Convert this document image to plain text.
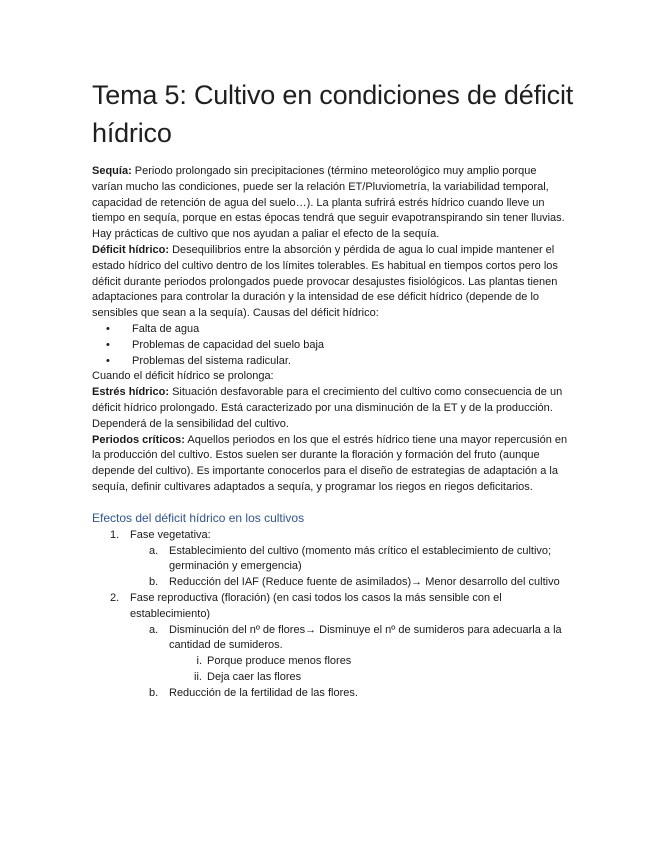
Tema 5: Cultivo en condiciones de déficit hídrico

Sequía: Periodo prolongado sin precipitaciones (término meteorológico muy amplio porque varían mucho las condiciones, puede ser la relación ET/Pluviometría, la variabilidad temporal, capacidad de retención de agua del suelo…). La planta sufrirá estrés hídrico cuando lleve un tiempo en sequía, porque en estas épocas tendrá que seguir evapotranspirando sin tener lluvias. Hay prácticas de cultivo que nos ayudan a paliar el efecto de la sequía.

Déficit hídrico: Desequilibrios entre la absorción y pérdida de agua lo cual impide mantener el estado hídrico del cultivo dentro de los límites tolerables. Es habitual en tiempos cortos pero los déficit durante periodos prolongados puede provocar desajustes fisiológicos. Las plantas tienen adaptaciones para controlar la duración y la intensidad de ese déficit hídrico (depende de lo sensibles que sean a la sequía). Causas del déficit hídrico:

• Falta de agua
• Problemas de capacidad del suelo baja
• Problemas del sistema radicular.

Cuando el déficit hídrico se prolonga:

Estrés hídrico: Situación desfavorable para el crecimiento del cultivo como consecuencia de un déficit hídrico prolongado. Está caracterizado por una disminución de la ET y de la producción. Dependerá de la sensibilidad del cultivo.

Periodos críticos: Aquellos periodos en los que el estrés hídrico tiene una mayor repercusión en la producción del cultivo. Estos suelen ser durante la floración y formación del fruto (aunque depende del cultivo). Es importante conocerlos para el diseño de estrategias de adaptación a la sequía, definir cultivares adaptados a sequía, y programar los riegos en riegos deficitarios.

Efectos del déficit hídrico en los cultivos
1. Fase vegetativa:
a. Establecimiento del cultivo (momento más crítico el establecimiento de cultivo; germinación y emergencia)
b. Reducción del IAF (Reduce fuente de asimilados)→ Menor desarrollo del cultivo
2. Fase reproductiva (floración) (en casi todos los casos la más sensible con el establecimiento)
a. Disminución del nº de flores→ Disminuye el nº de sumideros para adecuarla a la cantidad de sumideros.
i. Porque produce menos flores
ii. Deja caer las flores
b. Reducción de la fertilidad de las flores.
